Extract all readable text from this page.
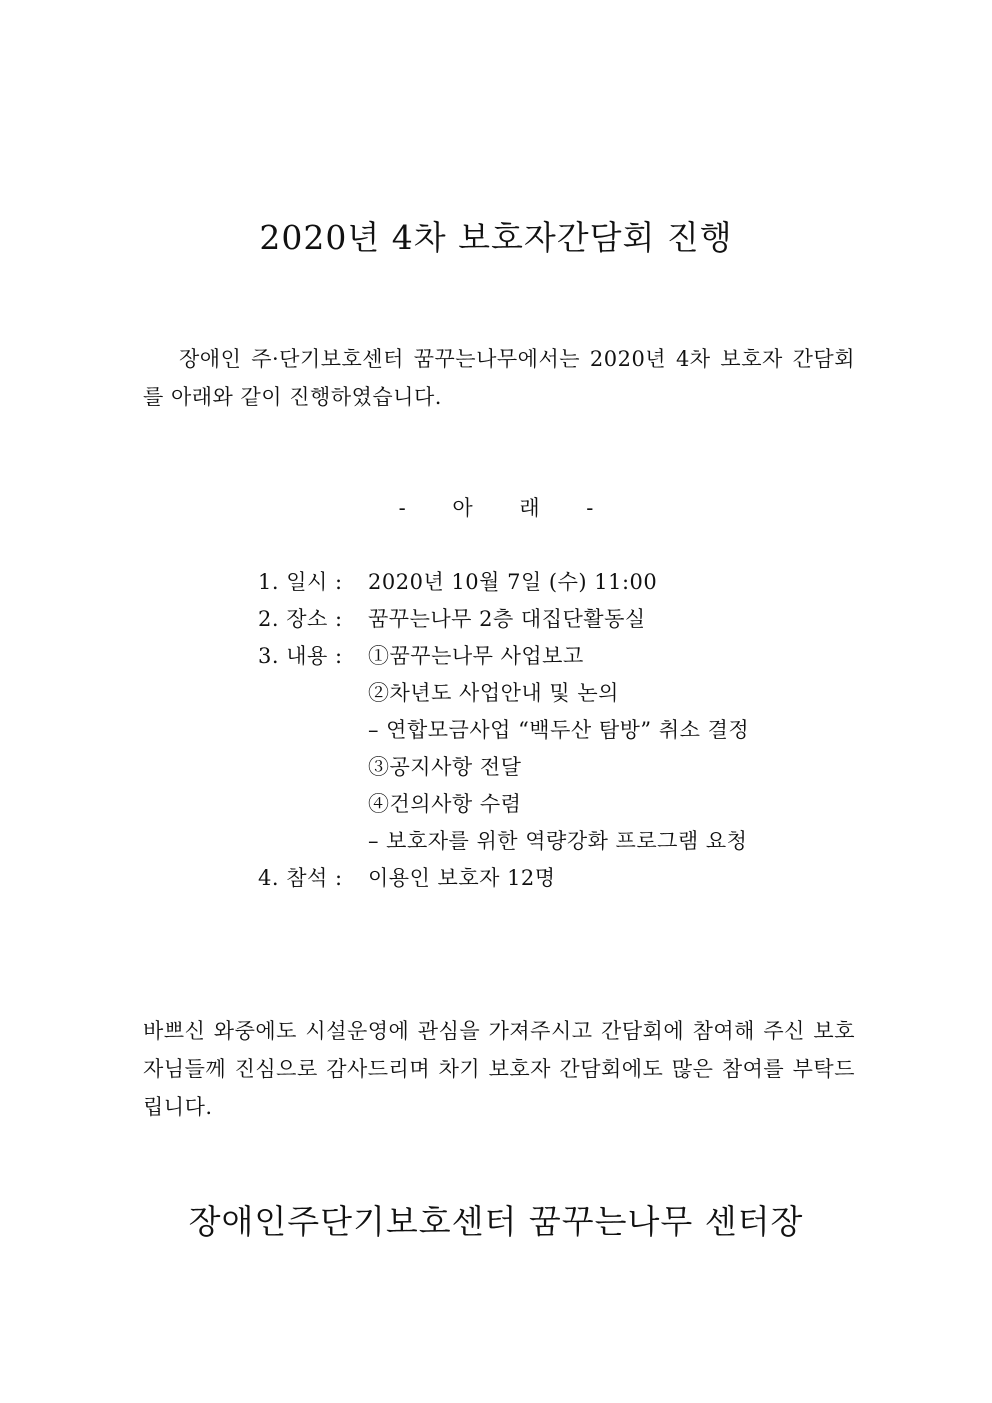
2020년 4차 보호자간담회 진행

장애인 주·단기보호센터 꿈꾸는나무에서는 2020년 4차 보호자 간담회를 아래와 같이 진행하였습니다.

- 아 래 -
1. 일시 :	2020년 10월 7일 (수) 11:00
2. 장소 :	꿈꾸는나무 2층 대집단활동실
3. 내용 :	①꿈꾸는나무 사업보고
②차년도 사업안내 및 논의
– 연합모금사업 “백두산 탐방” 취소 결정
③공지사항 전달
④건의사항 수렴
– 보호자를 위한 역량강화 프로그램 요청
4. 참석 :	이용인 보호자 12명

바쁘신 와중에도 시설운영에 관심을 가져주시고 간담회에 참여해 주신 보호자님들께 진심으로 감사드리며 차기 보호자 간담회에도 많은 참여를 부탁드립니다.

장애인주단기보호센터 꿈꾸는나무 센터장
